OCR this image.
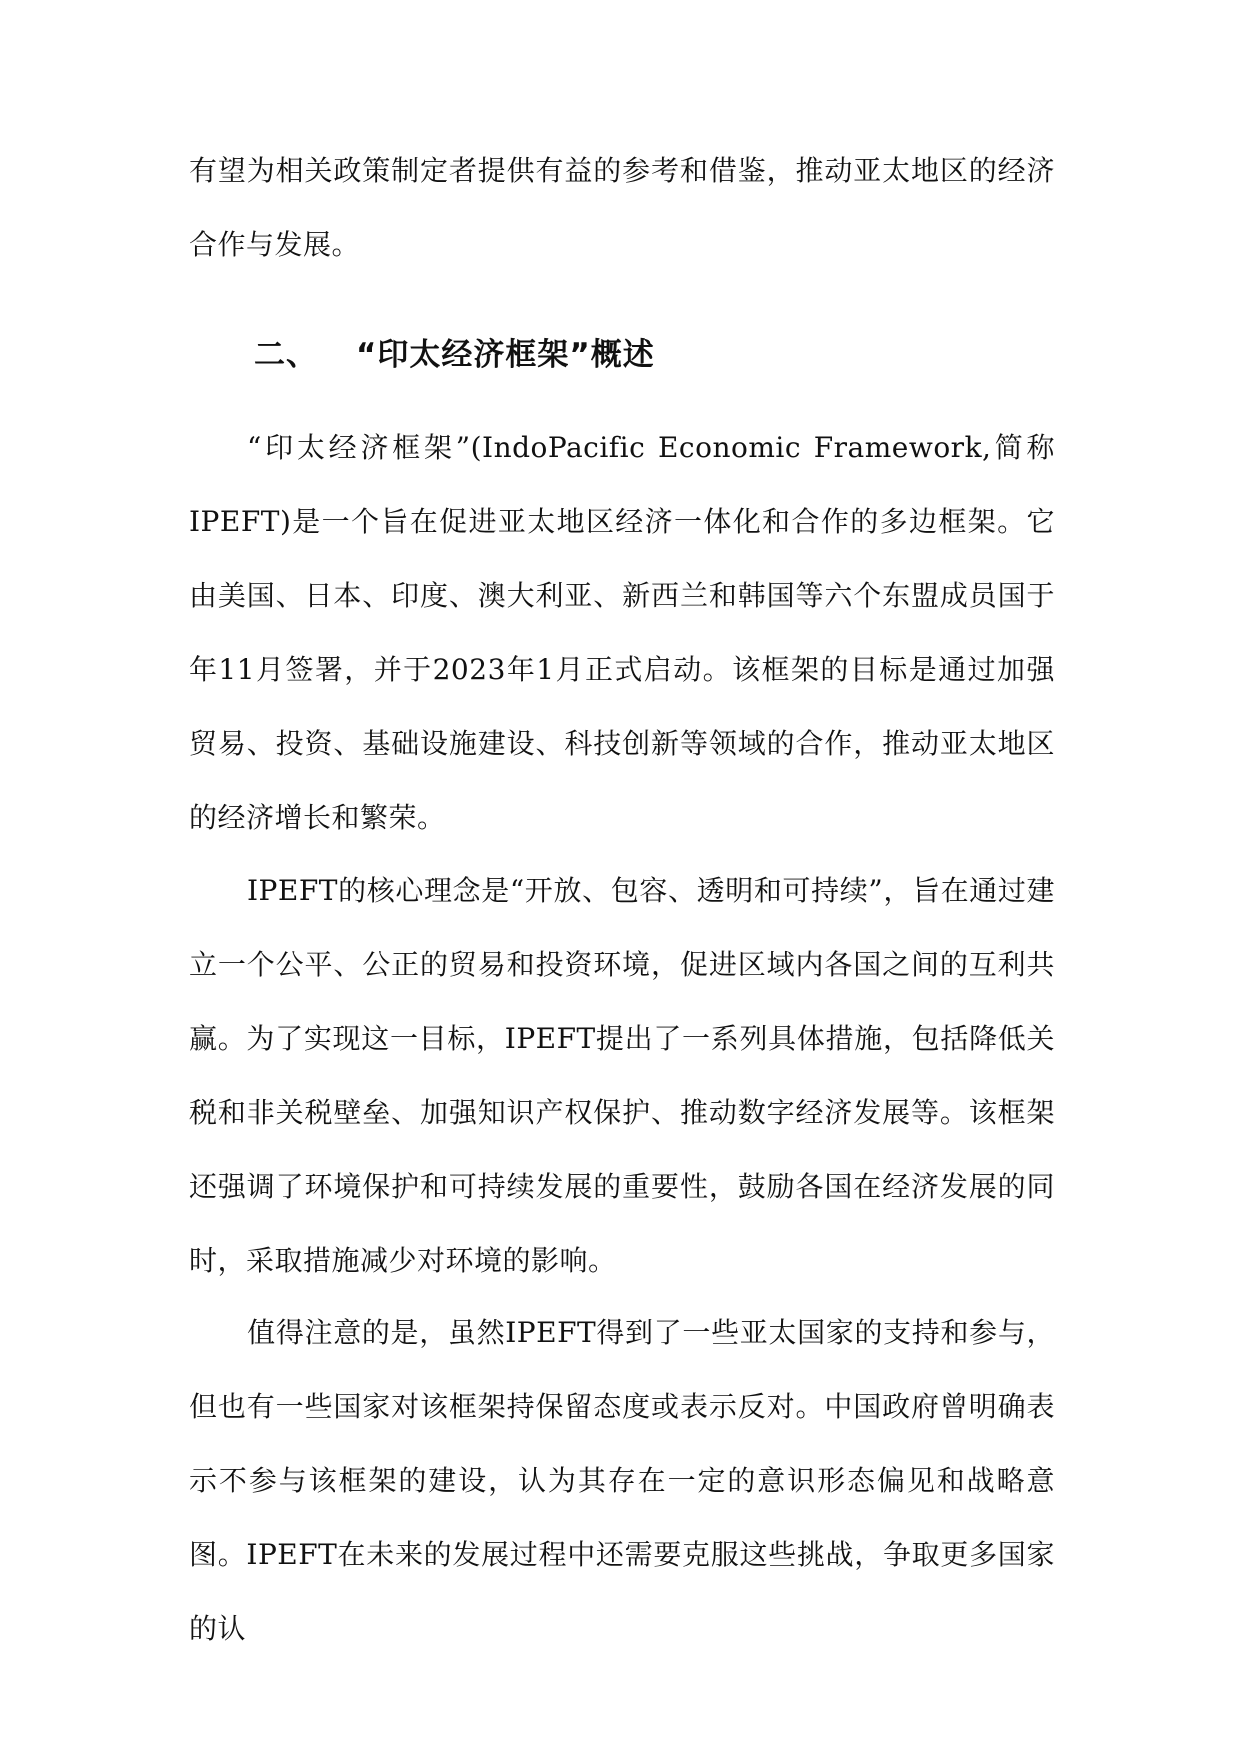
有望为相关政策制定者提供有益的参考和借鉴，推动亚太地区的经济合作与发展。
二、 “印太经济框架”概述
“印太经济框架”(IndoPacific Economic Framework,简称IPEFT)是一个旨在促进亚太地区经济一体化和合作的多边框架。它由美国、日本、印度、澳大利亚、新西兰和韩国等六个东盟成员国于年11月签署，并于2023年1月正式启动。该框架的目标是通过加强贸易、投资、基础设施建设、科技创新等领域的合作，推动亚太地区的经济增长和繁荣。
IPEFT的核心理念是“开放、包容、透明和可持续”，旨在通过建立一个公平、公正的贸易和投资环境，促进区域内各国之间的互利共赢。为了实现这一目标，IPEFT提出了一系列具体措施，包括降低关税和非关税壁垒、加强知识产权保护、推动数字经济发展等。该框架还强调了环境保护和可持续发展的重要性，鼓励各国在经济发展的同时，采取措施减少对环境的影响。
值得注意的是，虽然IPEFT得到了一些亚太国家的支持和参与，但也有一些国家对该框架持保留态度或表示反对。中国政府曾明确表示不参与该框架的建设，认为其存在一定的意识形态偏见和战略意图。IPEFT在未来的发展过程中还需要克服这些挑战，争取更多国家的认
